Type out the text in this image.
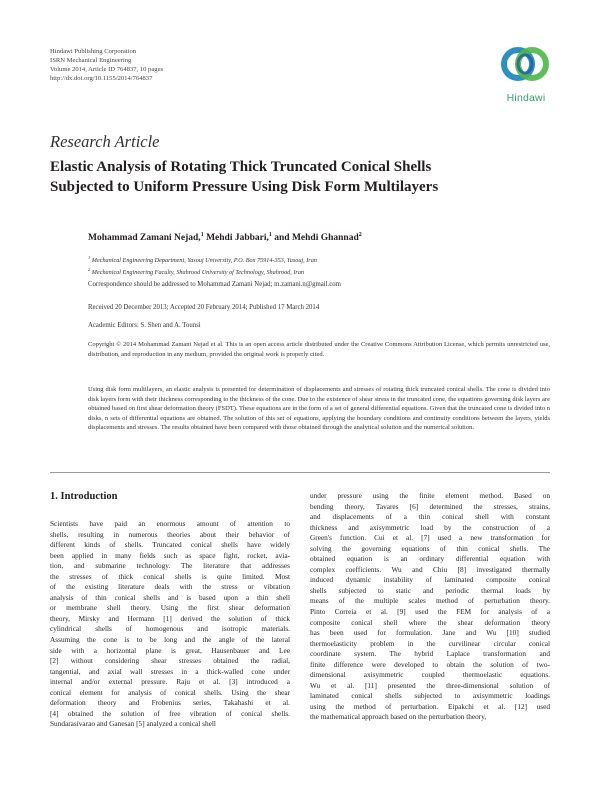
Hindawi Publishing Corporation
ISRN Mechanical Engineering
Volume 2014, Article ID 764837, 10 pages
http://dx.doi.org/10.1155/2014/764837
Hindawi
Research Article
Elastic Analysis of Rotating Thick Truncated Conical Shells
Subjected to Uniform Pressure Using Disk Form Multilayers
Mohammad Zamani Nejad,$^1$ Mehdi Jabbari,$^1$ and Mehdi Ghannad$^2$
$^1$ Mechanical Engineering Department, Yasouj University, P.O. Box 75914-353, Yasouj, Iran
$^2$ Mechanical Engineering Faculty, Shahrood University of Technology, Shahrood, Iran
Correspondence should be addressed to Mohammad Zamani Nejad; m.zamani.n@gmail.com
Received 20 December 2013; Accepted 20 February 2014; Published 17 March 2014
Academic Editors: S. Shen and A. Tounsi
Copyright © 2014 Mohammad Zamani Nejad et al. This is an open access article distributed under the Creative Commons Attribution License, which permits unrestricted use, distribution, and reproduction in any medium, provided the original work is properly cited.
Using disk form multilayers, an elastic analysis is presented for determination of displacements and stresses of rotating thick truncated conical shells. The cone is divided into disk layers form with their thickness corresponding to the thickness of the cone. Due to the existence of shear stress in the truncated cone, the equations governing disk layers are obtained based on first shear deformation theory (FSDT). These equations are in the form of a set of general differential equations. Given that the truncated cone is divided into n disks, n sets of differential equations are obtained. The solution of this set of equations, applying the boundary conditions and continuity conditions between the layers, yields displacements and stresses. The results obtained have been compared with those obtained through the analytical solution and the numerical solution.
1. Introduction
Scientists have paid an enormous amount of attention to
shells, resulting in numerous theories about their behavior of
different kinds of shells. Truncated conical shells have widely
been applied in many fields such as space fight, rocket, avia-
tion, and submarine technology. The literature that addresses
the stresses of thick conical shells is quite limited. Most
of the existing literature deals with the stress or vibration
analysis of thin conical shells and is based upon a thin shell
or membrane shell theory. Using the first shear deformation
theory, Mirsky and Hermann [1] derived the solution of thick
cylindrical shells of homogenous and isotropic materials.
Assuming the cone is to be long and the angle of the lateral
side with a horizontal plane is great, Hausenbauer and Lee
[2] without considering shear stresses obtained the radial,
tangential, and axial wall stresses in a thick-walled cone under
internal and/or external pressure. Raju et al. [3] introduced a
conical element for analysis of conical shells. Using the shear
deformation theory and Frobenius series, Takahashi et al.
[4] obtained the solution of free vibration of conical shells.
Sundarasivarao and Ganesan [5] analyzed a conical shell
under pressure using the finite element method. Based on
bending theory, Tavares [6] determined the stresses, strains,
and displacements of a thin conical shell with constant
thickness and axisymmetric load by the construction of a
Green's function. Cui et al. [7] used a new transformation for
solving the governing equations of thin conical shells. The
obtained equation is an ordinary differential equation with
complex coefficients. Wu and Chiu [8] investigated thermally
induced dynamic instability of laminated composite conical
shells subjected to static and periodic thermal loads by
means of the multiple scales method of perturbation theory.
Pinto Correia et al. [9] used the FEM for analysis of a
composite conical shell where the shear deformation theory
has been used for formulation. Jane and Wu [10] studied
thermoelasticity problem in the curvilinear circular conical
coordinate system. The hybrid Laplace transformation and
finite difference were developed to obtain the solution of two-
dimensional axisymmetric coupled thermoelastic equations.
Wu et al. [11] presented the three-dimensional solution of
laminated conical shells subjected to axisymmetric loadings
using the method of perturbation. Eipakchi et al. [12] used
the mathematical approach based on the perturbation theory,
